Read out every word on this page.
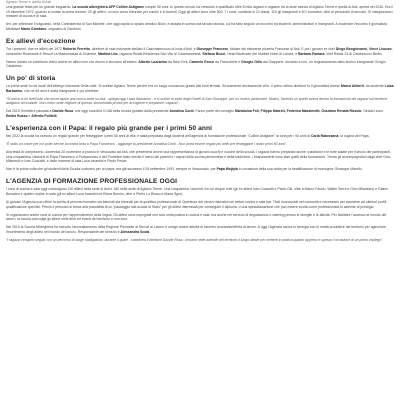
Agliano Terme e quella di Asti

Una grande festa per un grande traguardo. La scuola alberghiera AFP Colline Astigiane compie 50 anni. In questo secolo ha cresciuto e qualificato oltre 8 mila ragazzi e ragazze tra la sede storica di Agliano Terme e quella di Asti, aperta nel 2010. Era il 19 dicembre 1972, quando si svolse la prima lezione: 20 gli allievi, un solo corso biennale per cuochi e 8 docenti. Oggi gli allievi sono oltre 500, 7 i corsi, suddivisi in 22 classi, 110 gli insegnanti e 50 i formatori, oltre al personale di servizio. Si insegnavano i mestieri di cucina e di sala.

Ieri, per celebrare il traguardo, nella Confraternita di San Michele, che oggi ospita lo spazio artistico Biluri, è andata in scena una tavola rotonda, cui ha fatto seguito un incontro tra studenti, amministratori e insegnanti. A moderare l'incontro il giornalista Mediaset Mario Giordano, originario di Candiolo.

Ex allievi d'eccezione

Tra i presenti, due ex allievi del 1972 Roberto Ferretto, direttore di sala ristorante stellato Il Cascinalenuovo di Isola d'Asti, e Giuseppe Francese, titolare del ristorante pizzeria Francese di Asti. E poi i giovani ex chef Diego Bongiovanni, Vince Lisuzzo, sommelier Ristorante & Resort La Madonnassa di Guarene, Martina Lito, ragazza Relais Residenza San Vito di Calamandrana, Stefano Bucci, Head Bartender del NoMad Hotel di Londra, e Barbara Fantara, chef Relais 23 di Castelnuovo Belbo.

Hanno inviato un contributo video anche ex allievi che ora vivono e lavorano all'estero: Alberto Lazzarino da New York, Carmelo Greco da Francoforte e Giorgio Gilio dal Giappone. Accanto a loro, un ringraziamento dallo storico insegnante Giorgio Calabrese.

Un po' di storia

La prima sede fu nei locali dell'albergo ristorante Della valle. Si sceltse Agliano Terme perché era un luogo conosciuto grazie alle fonti termali. Sicuramente decisamente virtù. Il primo ottimo direttore fu il giornalista nicese Marco Aliberti, da studente Luisa Barbarino, che ne 46 anni è stata insegnante e poi direttrice.

"Si arrivò a chi livelli tutti che dover aprire una nuova sede su Asti - spiega oggi Luisa Barbarino - e si scelse la sede degli Ostelli di San Giuseppe, per un motivo particolare. Motivo, facendo un quello aveva deciso la formazione dei ragazzi sul territorio astigiano circostante. Non cinico sede migliore di questa, strumentata pronta per accogliere e preparare i ragazzi".

Dal 2015 l'eredità è passata a Davide Rosa, che oggi coordina il CdA della scuola guidato dalla presidente Annalisa Conti. Fanno parte del consiglio Marialuisa Foli, Filippo Mateini, Federica Massimetti, Graziano Renata Rizzolo. Sindaci sono Emilia Russo e Alfredo Politelli.

L'esperienza con il Papa: il regalo più grande per i primi 50 anni

Nel 2022 la scuola ha ricevuto un regalo grande per festeggiare i primi 50 anni di vita: è stata preparata dagli studenti dell'agenzia di formazione professionale "Colline Astigiane" la torta per i 90 anni di Carla Rabezzana, la cugina del Papa.

"È stato un onore per noi poter servire la nostra torta a Papa Francesco - aggiunge la presidente Annalisa Conti - Non potrà essere regalo più bello per festeggiare i nostri primi 50 anni".

Alla festa di compleanno, domenica 20 novembre a pranzo in Vescovato ad Asti, che presenterà anche una rappresentanza di giovani cuochi e cuoche della scuola. I ragazzi hanno preparato anche i pasticcini e le torte salate per il tavolo dei partecipanti. Una cinquantina i discorsi di Papa Francesco a Portacomaro e del Pontefice stato servito il menù dei parenti e i sapori della cucina piemontese e della tradizione. I finanziamenti sono stati quelli della formazione. Trenta gli accompagnatori dagli chef Gino Milanesio e Ivan Cuaccitti, e dalle mamme di sala Luca Incantini e Paolo Pesce.

Non è la prima volta che gli studenti della Scuola cucinano per un papa: era già successo il 26 settembre 1993, sempre in Vescovado, per Papa Wojtyla in occasione della sua visita per la beatificazione di monsignor Giuseppe Marello.

L'AGENZIA DI FORMAZIONE PROFESSIONALE OGGI

I corsi di cucina e sala oggi coinvolgono 120 allievi nella sede di Asti e 180 nella sede di Agliano Terme. Una cinquantina i docenti; tra cui cinque chef (gli ex allievi Ivan Cuaccitti e Paolo Gili, oltre a Mauro Fassio, Walter Serra e Gino Milanesio) e Gianni Bonadeo e quattro maitre in sala (gli ex allievi Luca Incantini ed Elena Bernini, oltre a Pietro Lo Russo e Maria Sgrò).

Ai giovani l'Agenzia può offrire la scelta di percorsi formativi sia biennali sia triennali per la qualifica professionale di Operatore dei servizi ristorativi nei settori cucina e sala bar. Titoli riconosciuti nel comunità e necessario per accedere ad ulteriori profili qualificazione specifici. Perciò il percorso si arriva alla possibilità di un "passaggio alla scuola di Stato" per gli allievi interessati per conseguire il diploma, o una specializzazione che può essere svolta come professionista in aziende di prestigio.

Si organizzano anche corsi di cucina per l'apprendimento della lingua. Gli allievi sono impegnati non solo nella pratica in cucina e sala, ma anche nel servizio di degustazioni o catering presso le famiglie e le attività. Per facilitare l'accesso al mondo del lavoro, la scuola coinvolge gli allievi nelle fiere ed eventi del territorio e non solo.

Nel 2010 la Scuola Alberghiera ha ricevuto l'accreditamento della Regione Piemonte ai Servizi al Lavoro e svolge anche attività di incontro domanda/offerta di lavoro. A oggi l'Agenzia lavora in sinergia con le realtà produttive del territorio per agevolare l'inserimento degli allievi nel mondo del lavoro. Responsabile del servizio è Alessandra Scola.

"I ragazzi vengono seguiti con un percorso di stage obbligatorio, durante il quale - sottolinea il direttore Davide Rosa - trovano nelle aziende del territorio il luogo ideale per mettere in pratica quanto appreso e spesso l'occasione di un primo impiego".
